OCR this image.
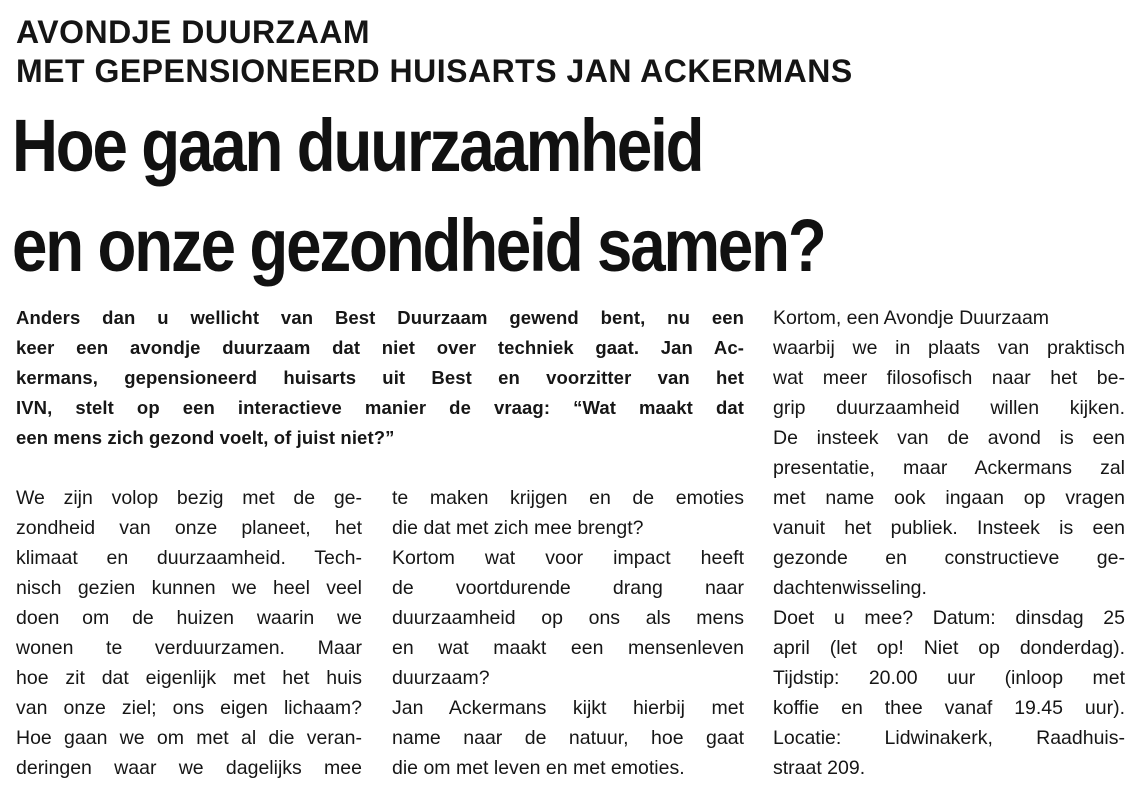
AVONDJE DUURZAAM
MET GEPENSIONEERD HUISARTS JAN ACKERMANS
Hoe gaan duurzaamheid
en onze gezondheid samen?
Anders dan u wellicht van Best Duurzaam gewend bent, nu een
keer een avondje duurzaam dat niet over techniek gaat. Jan Ac-
kermans, gepensioneerd huisarts uit Best en voorzitter van het
IVN, stelt op een interactieve manier de vraag: “Wat maakt dat
een mens zich gezond voelt, of juist niet?”
We zijn volop bezig met de ge-
zondheid van onze planeet, het
klimaat en duurzaamheid. Tech-
nisch gezien kunnen we heel veel
doen om de huizen waarin we
wonen te verduurzamen. Maar
hoe zit dat eigenlijk met het huis
van onze ziel; ons eigen lichaam?
Hoe gaan we om met al die veran-
deringen waar we dagelijks mee
te maken krijgen en de emoties
die dat met zich mee brengt?
Kortom wat voor impact heeft
de voortdurende drang naar
duurzaamheid op ons als mens
en wat maakt een mensenleven
duurzaam?
Jan Ackermans kijkt hierbij met
name naar de natuur, hoe gaat
die om met leven en met emoties.
Kortom, een Avondje Duurzaam
waarbij we in plaats van praktisch
wat meer filosofisch naar het be-
grip duurzaamheid willen kijken.
De insteek van de avond is een
presentatie, maar Ackermans zal
met name ook ingaan op vragen
vanuit het publiek. Insteek is een
gezonde en constructieve ge-
dachtenwisseling.
Doet u mee? Datum: dinsdag 25
april (let op! Niet op donderdag).
Tijdstip: 20.00 uur (inloop met
koffie en thee vanaf 19.45 uur).
Locatie: Lidwinakerk, Raadhuis-
straat 209.
